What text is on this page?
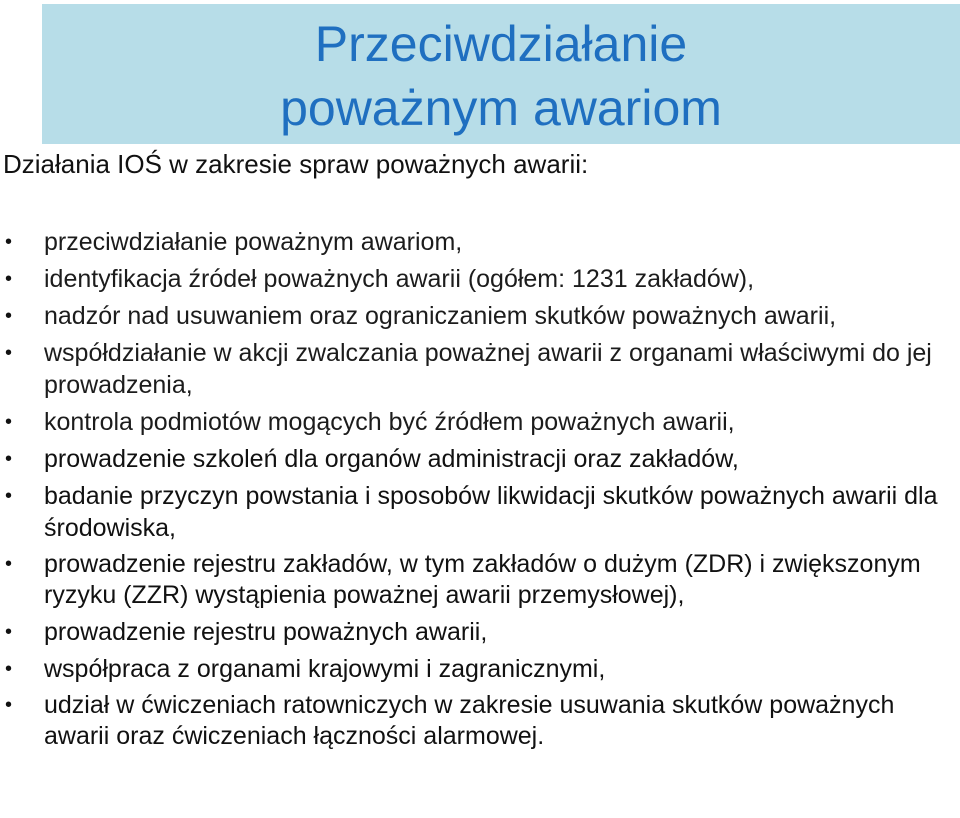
Przeciwdziałanie
poważnym awariom

Działania IOŚ w zakresie spraw poważnych awarii:

• przeciwdziałanie poważnym awariom,
• identyfikacja źródeł poważnych awarii (ogółem: 1231 zakładów),
• nadzór nad usuwaniem oraz ograniczaniem skutków poważnych awarii,
• współdziałanie w akcji zwalczania poważnej awarii z organami właściwymi do jej prowadzenia,
• kontrola podmiotów mogących być źródłem poważnych awarii,
• prowadzenie szkoleń dla organów administracji oraz zakładów,
• badanie przyczyn powstania i sposobów likwidacji skutków poważnych awarii dla środowiska,
• prowadzenie rejestru zakładów, w tym zakładów o dużym (ZDR) i zwiększonym ryzyku (ZZR) wystąpienia poważnej awarii przemysłowej),
• prowadzenie rejestru poważnych awarii,
• współpraca z organami krajowymi i zagranicznymi,
• udział w ćwiczeniach ratowniczych w zakresie usuwania skutków poważnych awarii oraz ćwiczeniach łączności alarmowej.
